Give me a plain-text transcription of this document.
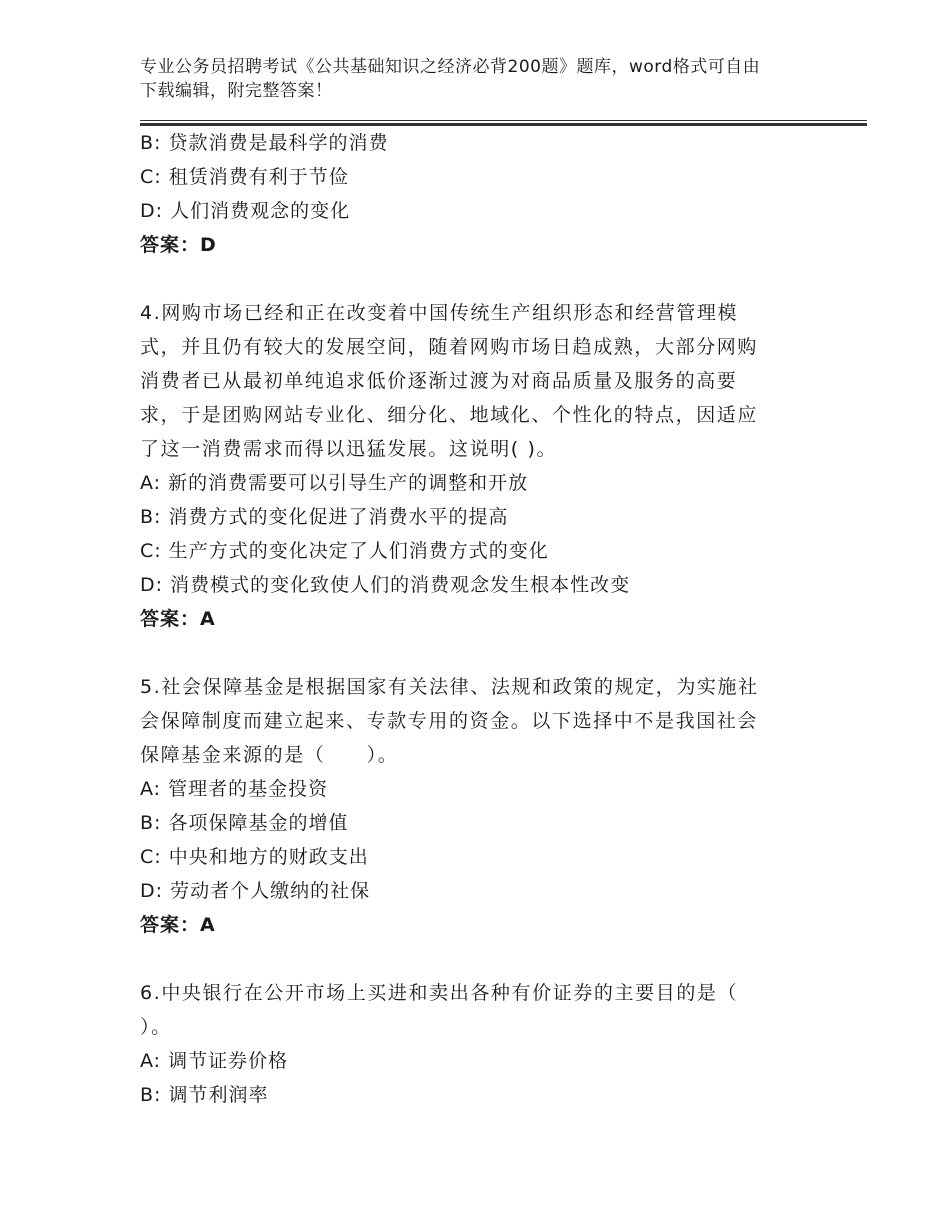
专业公务员招聘考试《公共基础知识之经济必背200题》题库，word格式可自由
下载编辑，附完整答案！
B: 贷款消费是最科学的消费
C: 租赁消费有利于节俭
D: 人们消费观念的变化
答案：D
4.网购市场已经和正在改变着中国传统生产组织形态和经营管理模
式，并且仍有较大的发展空间，随着网购市场日趋成熟，大部分网购
消费者已从最初单纯追求低价逐渐过渡为对商品质量及服务的高要
求，于是团购网站专业化、细分化、地域化、个性化的特点，因适应
了这一消费需求而得以迅猛发展。这说明( )。
A: 新的消费需要可以引导生产的调整和开放
B: 消费方式的变化促进了消费水平的提高
C: 生产方式的变化决定了人们消费方式的变化
D: 消费模式的变化致使人们的消费观念发生根本性改变
答案：A
5.社会保障基金是根据国家有关法律、法规和政策的规定，为实施社
会保障制度而建立起来、专款专用的资金。以下选择中不是我国社会
保障基金来源的是（　　）。
A: 管理者的基金投资
B: 各项保障基金的增值
C: 中央和地方的财政支出
D: 劳动者个人缴纳的社保
答案：A
6.中央银行在公开市场上买进和卖出各种有价证券的主要目的是（
）。
A: 调节证券价格
B: 调节利润率
